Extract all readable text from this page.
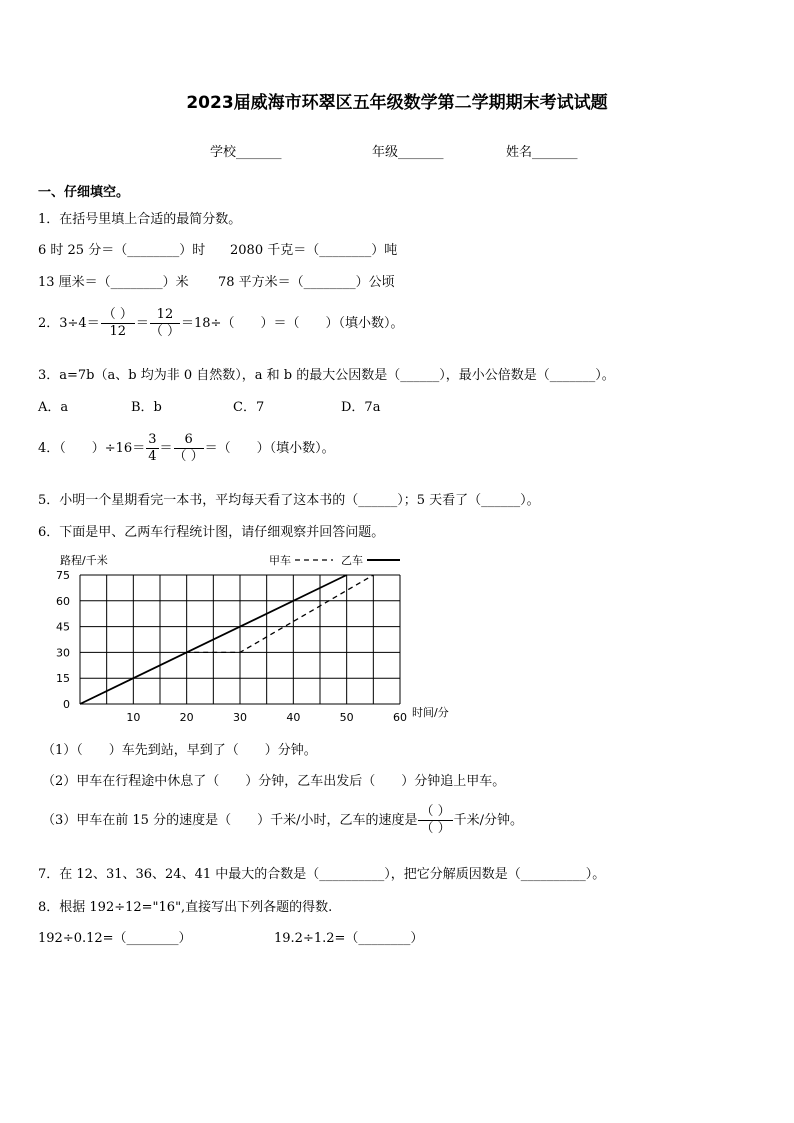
2023届威海市环翠区五年级数学第二学期期末考试试题
学校_______	年级_______	姓名_______
一、仔细填空。
1．在括号里填上合适的最简分数。
6 时 25 分＝（________）时 2080 千克＝（________）吨
13 厘米＝（________）米 78 平方米＝（________）公顷
2．$3\div 4= \frac{( )}{12} = \frac{12}{( )} =18\div$（　　）＝（　　）（填小数）。
3．a=7b（a、b 均为非 0 自然数），a 和 b 的最大公因数是（______），最小公倍数是（_______）。
A．a	B．b	C．7	D．7a
4．（　　）$\div 16= \frac{3}{4} = \frac{6}{( )}$ ＝（　　）（填小数）。
5．小明一个星期看完一本书，平均每天看了这本书的（______）；5 天看了（______）。
6．下面是甲、乙两车行程统计图，请仔细观察并回答问题。
10	20	30	40	50	60
0
15
30
45
60
75
路程/千米
时间/分
甲车	乙车
（1）（　　）车先到站，早到了（　　）分钟。
（2）甲车在行程途中休息了（　　）分钟，乙车出发后（　　）分钟追上甲车。
（3）甲车在前 15 分的速度是（　　）千米/小时，乙车的速度是 $\frac{( )}{( )}$ 千米/分钟。
7．在 12、31、36、24、41 中最大的合数是（__________），把它分解质因数是（__________）。
8．根据 192÷12="16",直接写出下列各题的得数.
192÷0.12=（________）	19.2÷1.2=（________）
